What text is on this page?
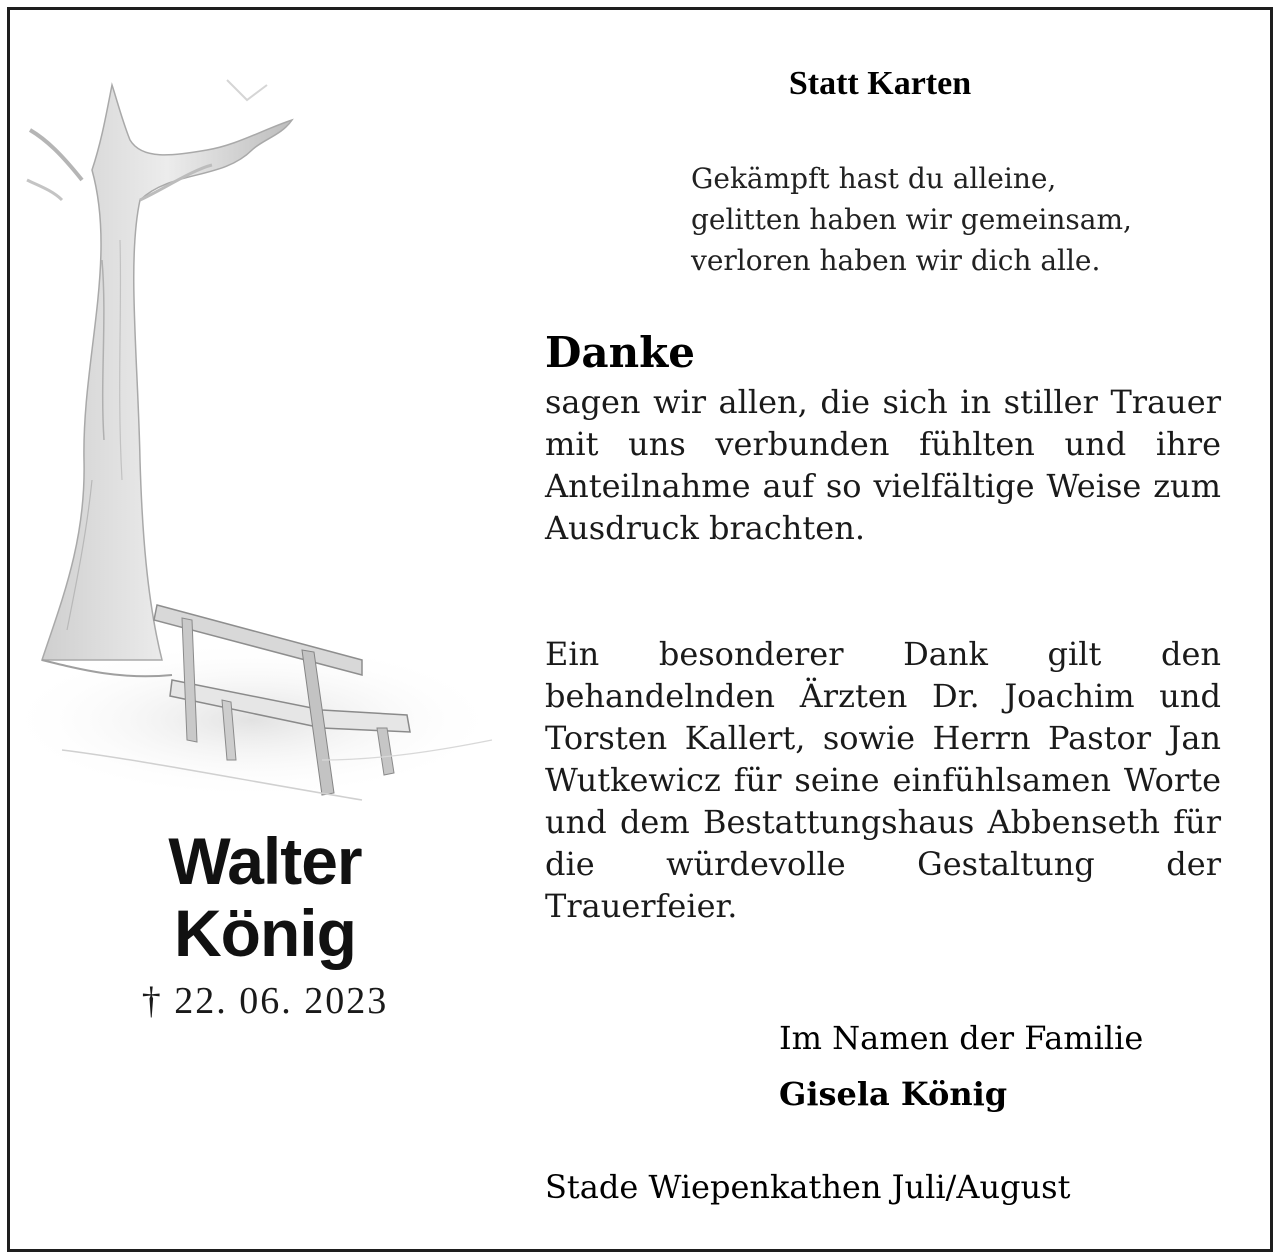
Walter
König
† 22. 06. 2023
Statt Karten
Gekämpft hast du alleine,
gelitten haben wir gemeinsam,
verloren haben wir dich alle.
Danke
sagen wir allen, die sich in stiller Trauer mit uns verbunden fühlten und ihre Anteilnahme auf so vielfältige Weise zum Ausdruck brachten.
Ein besonderer Dank gilt den behandelnden Ärzten Dr. Joachim und Torsten Kallert, sowie Herrn Pastor Jan Wutkewicz für seine einfühlsamen Worte und dem Bestattungshaus Abbenseth für die würdevolle Gestaltung der Trauerfeier.
Im Namen der Familie
Gisela König
Stade Wiepenkathen Juli/August
